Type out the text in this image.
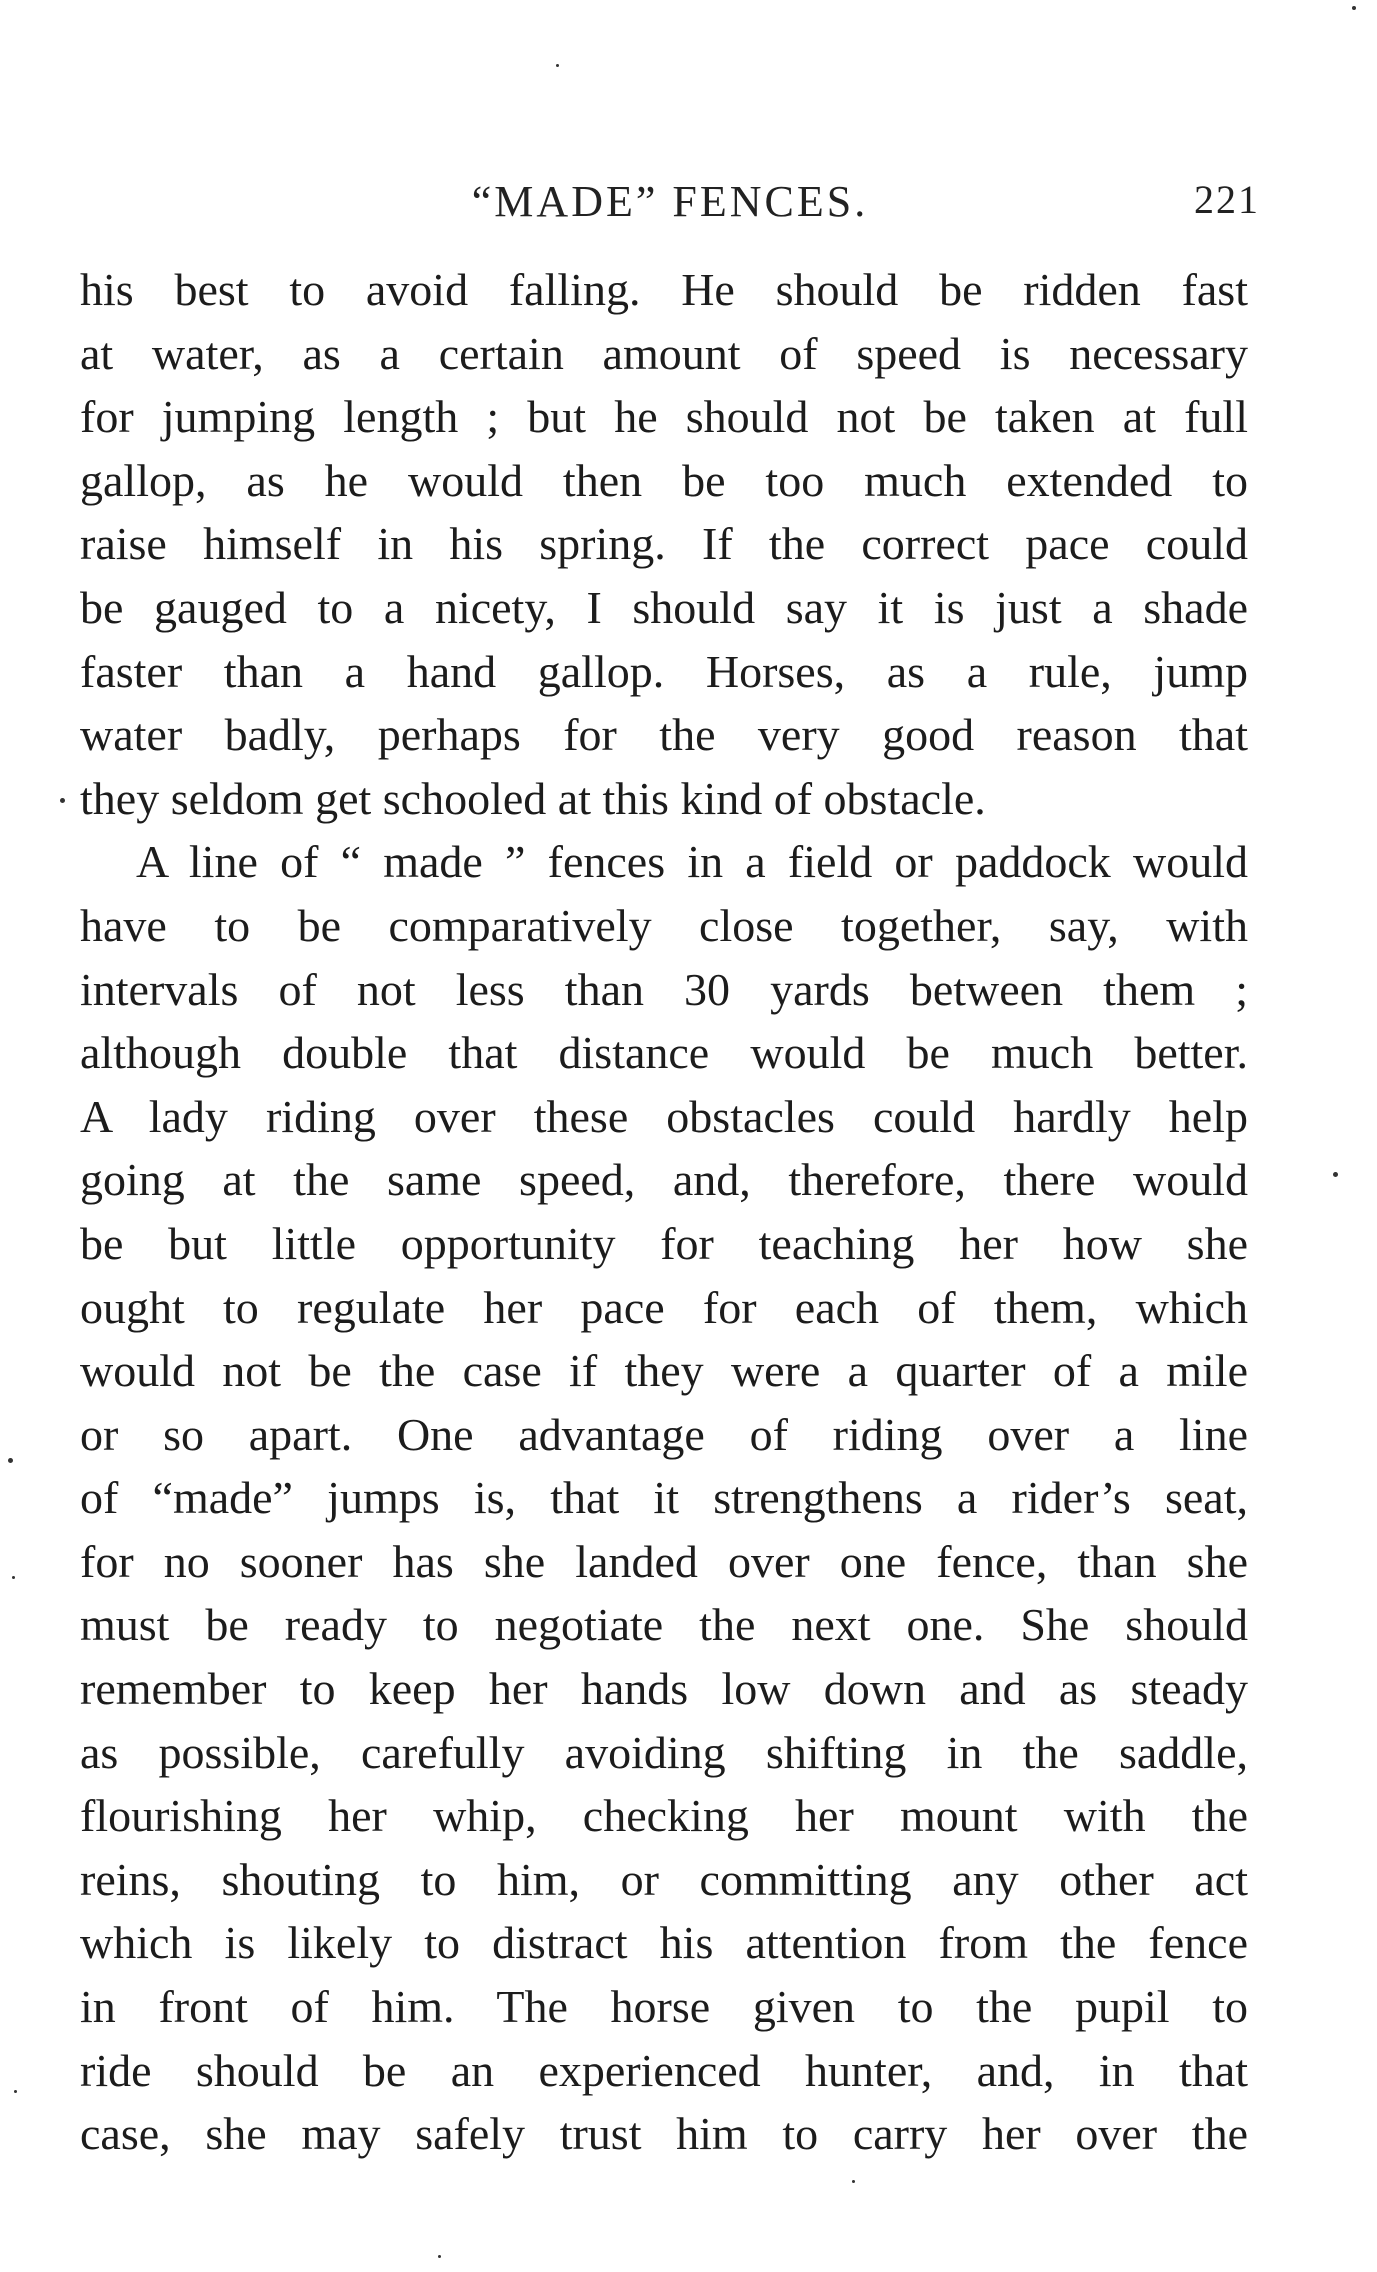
“MADE” FENCES.	221
his best to avoid falling. He should be ridden fast
at water, as a certain amount of speed is necessary
for jumping length ; but he should not be taken at full
gallop, as he would then be too much extended to
raise himself in his spring. If the correct pace could
be gauged to a nicety, I should say it is just a shade
faster than a hand gallop. Horses, as a rule, jump
water badly, perhaps for the very good reason that
they seldom get schooled at this kind of obstacle.
A line of “ made ” fences in a field or paddock would
have to be comparatively close together, say, with
intervals of not less than 30 yards between them ;
although double that distance would be much better.
A lady riding over these obstacles could hardly help
going at the same speed, and, therefore, there would
be but little opportunity for teaching her how she
ought to regulate her pace for each of them, which
would not be the case if they were a quarter of a mile
or so apart. One advantage of riding over a line
of “made” jumps is, that it strengthens a rider’s seat,
for no sooner has she landed over one fence, than she
must be ready to negotiate the next one. She should
remember to keep her hands low down and as steady
as possible, carefully avoiding shifting in the saddle,
flourishing her whip, checking her mount with the
reins, shouting to him, or committing any other act
which is likely to distract his attention from the fence
in front of him. The horse given to the pupil to
ride should be an experienced hunter, and, in that
case, she may safely trust him to carry her over the
